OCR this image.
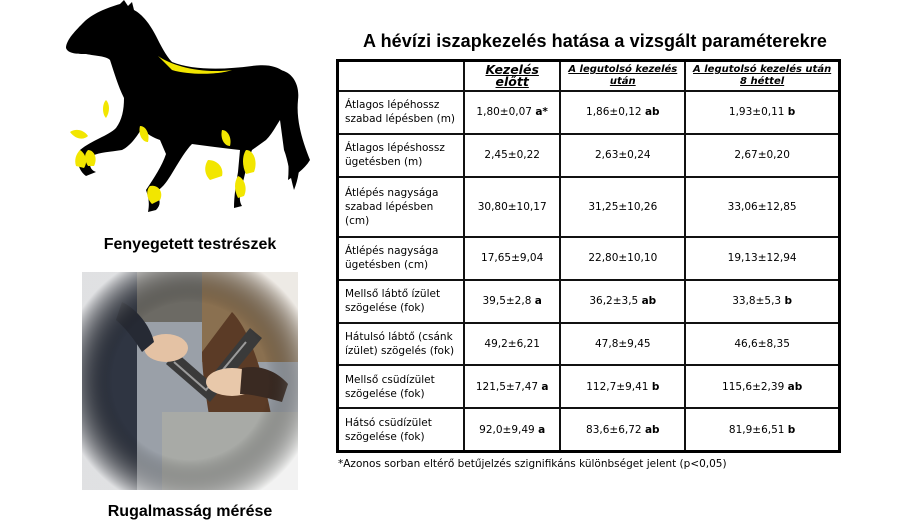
Fenyegetett testrészek
Rugalmasság mérése
A hévízi iszapkezelés hatása a vizsgált paraméterekre
	Kezelés előtt	A legutolsó kezelés után	A legutolsó kezelés után 8 héttel
Átlagos lépéhossz szabad lépésben (m)	1,80±0,07 a*	1,86±0,12 ab	1,93±0,11 b
Átlagos lépéshossz ügetésben (m)	2,45±0,22	2,63±0,24	2,67±0,20
Átlépés nagysága szabad lépésben (cm)	30,80±10,17	31,25±10,26	33,06±12,85
Átlépés nagysága ügetésben (cm)	17,65±9,04	22,80±10,10	19,13±12,94
Mellső lábtő ízület szögelése (fok)	39,5±2,8 a	36,2±3,5 ab	33,8±5,3 b
Hátulsó lábtő (csánk ízület) szögelés (fok)	49,2±6,21	47,8±9,45	46,6±8,35
Mellső csüdízület szögelése (fok)	121,5±7,47 a	112,7±9,41 b	115,6±2,39 ab
Hátsó csüdízület szögelése (fok)	92,0±9,49 a	83,6±6,72 ab	81,9±6,51 b
*Azonos sorban eltérő betűjelzés szignifikáns különbséget jelent (p<0,05)
